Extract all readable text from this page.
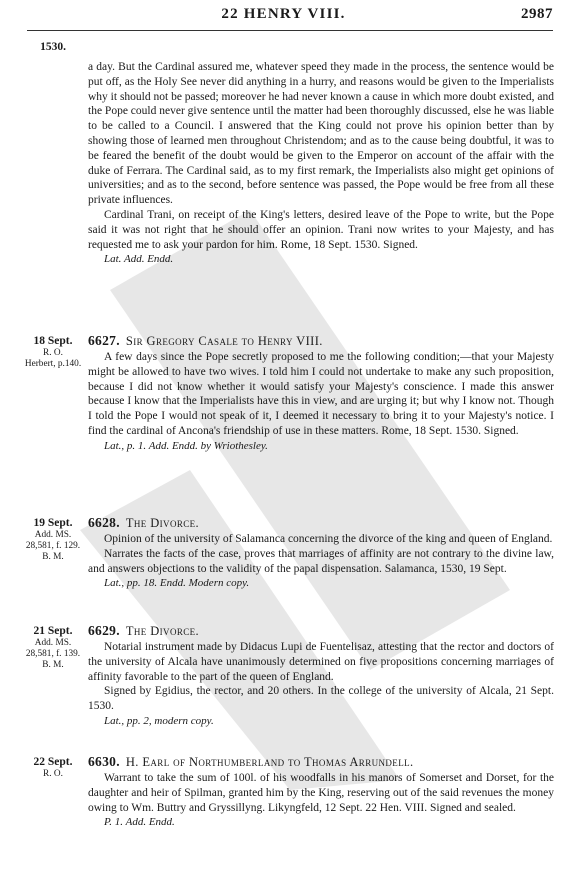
22 HENRY VIII.	2987
1530.

a day. But the Cardinal assured me, whatever speed they made in the process, the sentence would be put off, as the Holy See never did anything in a hurry, and reasons would be given to the Imperialists why it should not be passed; moreover he had never known a cause in which more doubt existed, and the Pope could never give sentence until the matter had been thoroughly discussed, else he was liable to be called to a Council. I answered that the King could not prove his opinion better than by showing those of learned men throughout Christendom; and as to the cause being doubtful, it was to be feared the benefit of the doubt would be given to the Emperor on account of the affair with the duke of Ferrara. The Cardinal said, as to my first remark, the Imperialists also might get opinions of universities; and as to the second, before sentence was passed, the Pope would be free from all these private influences.

Cardinal Trani, on receipt of the King's letters, desired leave of the Pope to write, but the Pope said it was not right that he should offer an opinion. Trani now writes to your Majesty, and has requested me to ask your pardon for him. Rome, 18 Sept. 1530. Signed.

Lat. Add. Endd.

18 Sept.
R. O.
Herbert, p.140.

6627. Sir Gregory Casale to Henry VIII.

A few days since the Pope secretly proposed to me the following condition;—that your Majesty might be allowed to have two wives. I told him I could not undertake to make any such proposition, because I did not know whether it would satisfy your Majesty's conscience. I made this answer because I know that the Imperialists have this in view, and are urging it; but why I know not. Though I told the Pope I would not speak of it, I deemed it necessary to bring it to your Majesty's notice. I find the cardinal of Ancona's friendship of use in these matters. Rome, 18 Sept. 1530. Signed.

Lat., p. 1. Add. Endd. by Wriothesley.

19 Sept.
Add. MS.
28,581, f. 129.
B. M.

6628. The Divorce.

Opinion of the university of Salamanca concerning the divorce of the king and queen of England.

Narrates the facts of the case, proves that marriages of affinity are not contrary to the divine law, and answers objections to the validity of the papal dispensation. Salamanca, 1530, 19 Sept.

Lat., pp. 18. Endd. Modern copy.

21 Sept.
Add. MS.
28,581, f. 139.
B. M.

6629. The Divorce.

Notarial instrument made by Didacus Lupi de Fuentelisaz, attesting that the rector and doctors of the university of Alcala have unanimously determined on five propositions concerning marriages of affinity favorable to the part of the queen of England.

Signed by Egidius, the rector, and 20 others. In the college of the university of Alcala, 21 Sept. 1530.

Lat., pp. 2, modern copy.

22 Sept.
R. O.

6630. H. Earl of Northumberland to Thomas Arrundell.

Warrant to take the sum of 100l. of his woodfalls in his manors of Somerset and Dorset, for the daughter and heir of Spilman, granted him by the King, reserving out of the said revenues the money owing to Wm. Buttry and Gryssillyng. Likyngfeld, 12 Sept. 22 Hen. VIII. Signed and sealed.

P. 1. Add. Endd.
